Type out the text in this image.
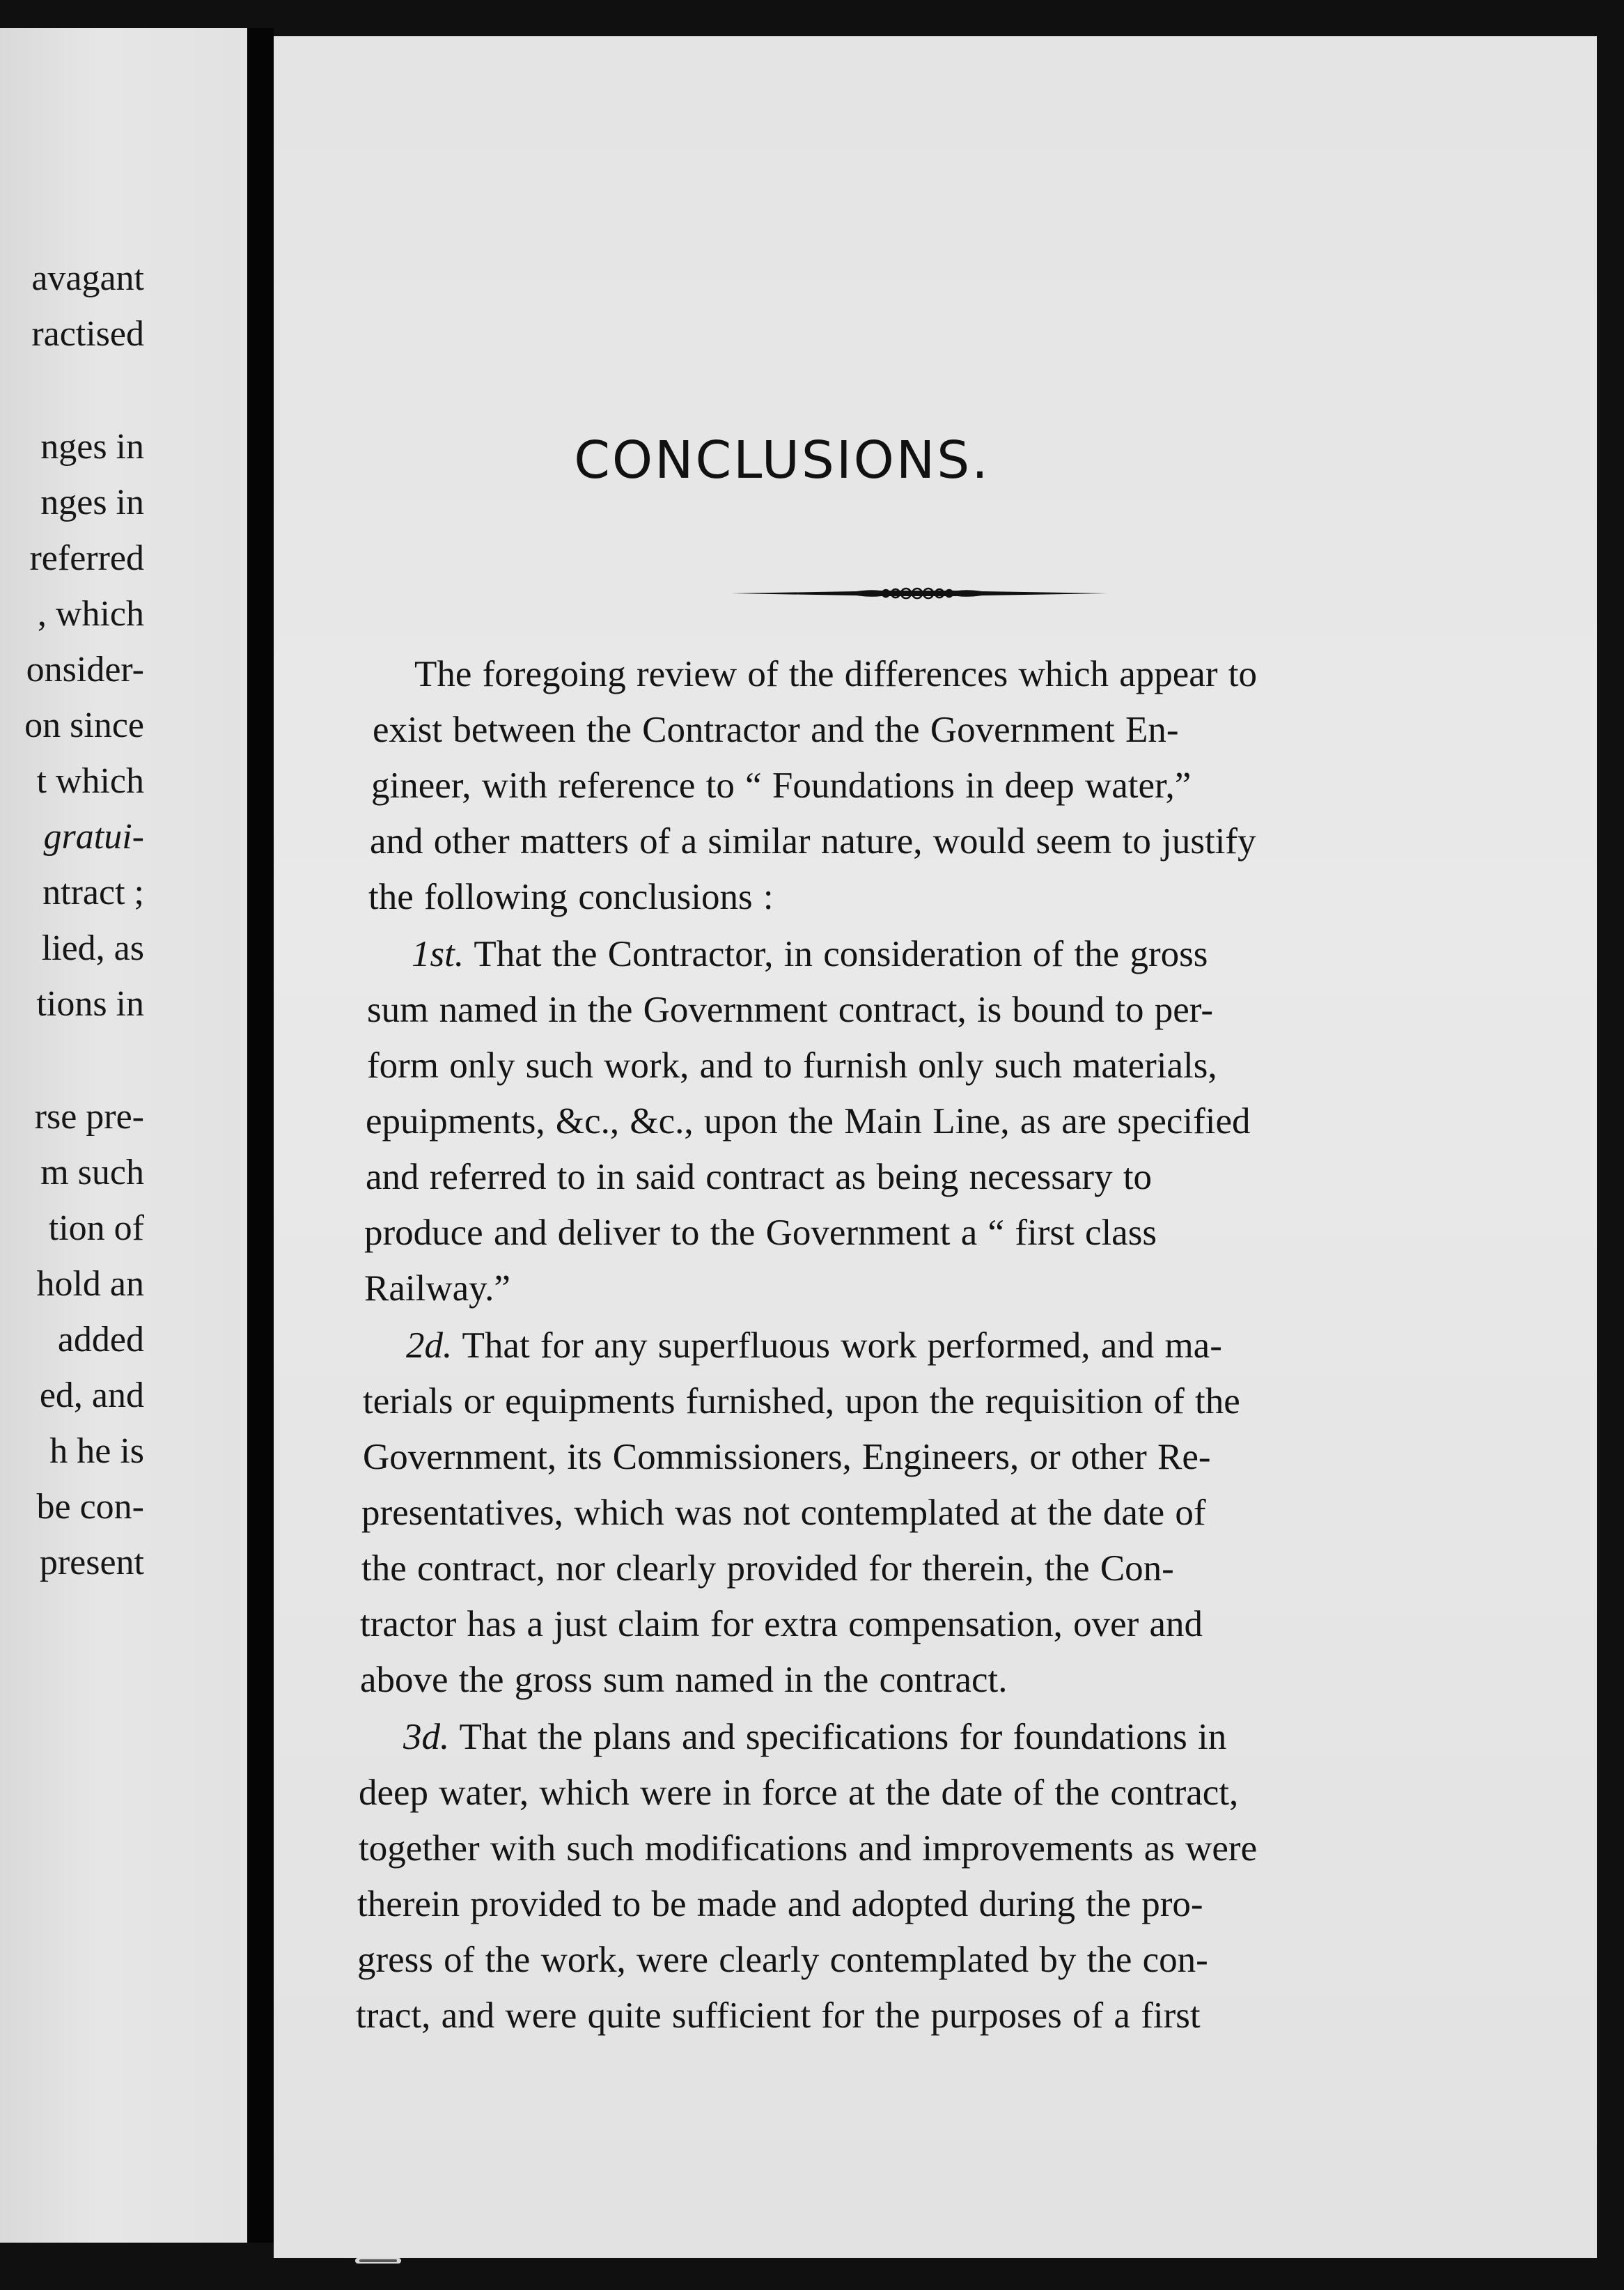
avagant
ractised
nges in
nges in
referred
, which
onsider-
on since
t which
gratui-
ntract ;
lied, as
tions in
rse pre-
m such
tion of
hold an
added
ed, and
h he is
be con-
present
CONCLUSIONS.
The foregoing review of the differences which appear to
exist between the Contractor and the Government En-
gineer, with reference to “ Foundations in deep water,”
and other matters of a similar nature, would seem to justify
the following conclusions :
1st. That the Contractor, in consideration of the gross
sum named in the Government contract, is bound to per-
form only such work, and to furnish only such materials,
epuipments, &c., &c., upon the Main Line, as are specified
and referred to in said contract as being necessary to
produce and deliver to the Government a “ first class
Railway.”
2d. That for any superfluous work performed, and ma-
terials or equipments furnished, upon the requisition of the
Government, its Commissioners, Engineers, or other Re-
presentatives, which was not contemplated at the date of
the contract, nor clearly provided for therein, the Con-
tractor has a just claim for extra compensation, over and
above the gross sum named in the contract.
3d. That the plans and specifications for foundations in
deep water, which were in force at the date of the contract,
together with such modifications and improvements as were
therein provided to be made and adopted during the pro-
gress of the work, were clearly contemplated by the con-
tract, and were quite sufficient for the purposes of a first
